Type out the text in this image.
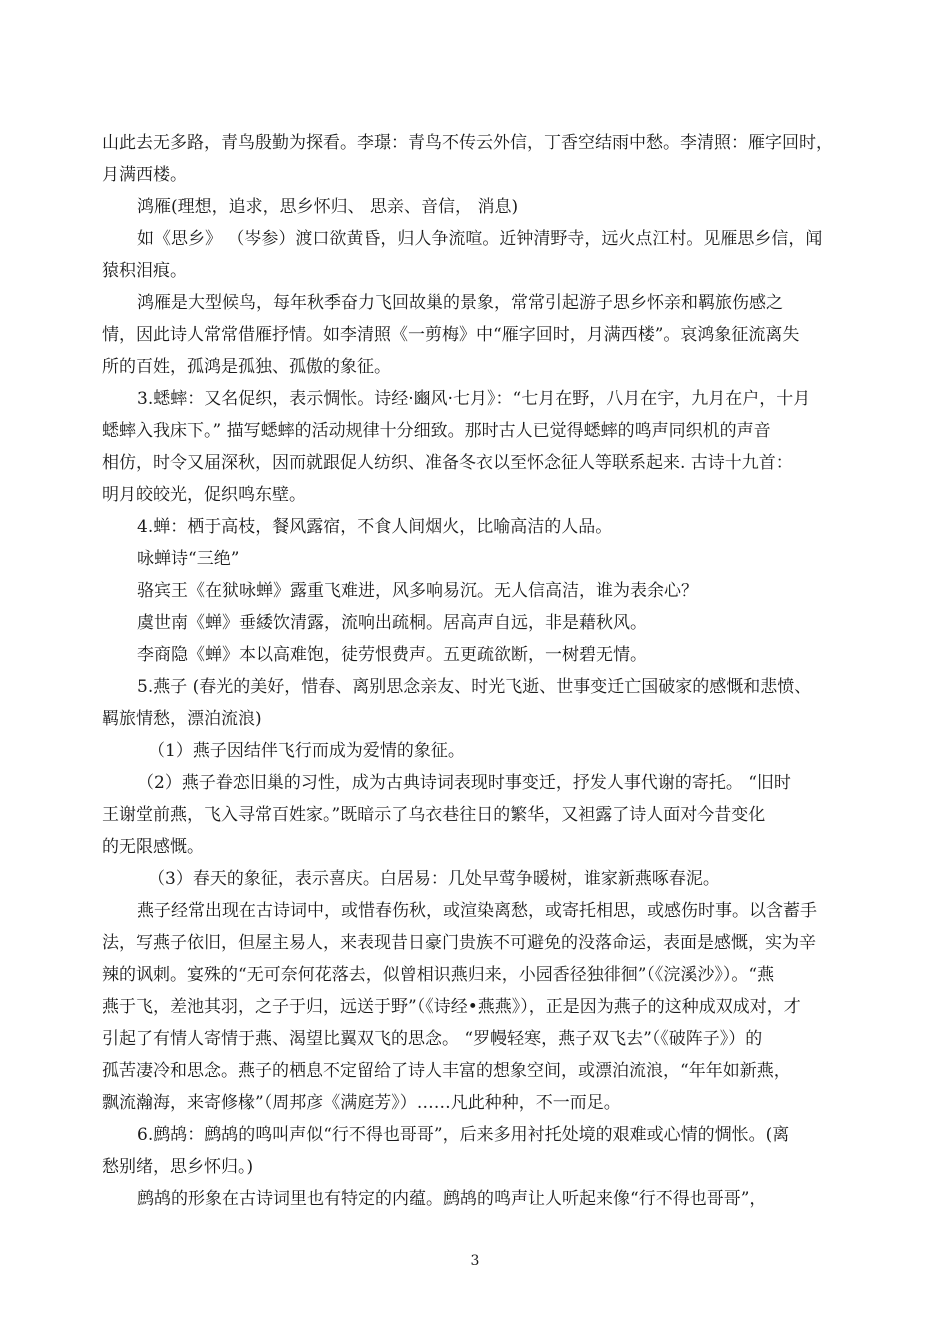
山此去无多路，青鸟殷勤为探看。李璟：青鸟不传云外信，丁香空结雨中愁。李清照：雁字回时，
月满西楼。
鸿雁(理想，追求，思乡怀归、 思亲、音信， 消息)
如《思乡》 （岑参）渡口欲黄昏，归人争流喧。近钟清野寺，远火点江村。见雁思乡信，闻
猿积泪痕。
鸿雁是大型候鸟，每年秋季奋力飞回故巢的景象，常常引起游子思乡怀亲和羁旅伤感之
情，因此诗人常常借雁抒情。如李清照《一剪梅》中“雁字回时，月满西楼”。哀鸿象征流离失
所的百姓，孤鸿是孤独、孤傲的象征。
3.蟋蟀：又名促织，表示惆怅。诗经·豳风·七月》：“七月在野，八月在宇，九月在户，十月
蟋蟀入我床下。” 描写蟋蟀的活动规律十分细致。那时古人已觉得蟋蟀的鸣声同织机的声音
相仿，时令又届深秋，因而就跟促人纺织、准备冬衣以至怀念征人等联系起来. 古诗十九首：
明月皎皎光，促织鸣东壁。
4.蝉：栖于高枝，餐风露宿，不食人间烟火，比喻高洁的人品。
咏蝉诗“三绝”
骆宾王《在狱咏蝉》露重飞难进，风多响易沉。无人信高洁，谁为表余心？
虞世南《蝉》垂緌饮清露，流响出疏桐。居高声自远，非是藉秋风。
李商隐《蝉》本以高难饱，徒劳恨费声。五更疏欲断，一树碧无情。
5.燕子 (春光的美好，惜春、离别思念亲友、时光飞逝、世事变迁亡国破家的感慨和悲愤、
羁旅情愁，漂泊流浪)
（1）燕子因结伴飞行而成为爱情的象征。
（2）燕子眷恋旧巢的习性，成为古典诗词表现时事变迁，抒发人事代谢的寄托。 “旧时
王谢堂前燕，飞入寻常百姓家。”既暗示了乌衣巷往日的繁华，又袒露了诗人面对今昔变化
的无限感慨。
（3）春天的象征，表示喜庆。白居易：几处早莺争暖树，谁家新燕啄春泥。
燕子经常出现在古诗词中，或惜春伤秋，或渲染离愁，或寄托相思，或感伤时事。以含蓄手
法，写燕子依旧，但屋主易人，来表现昔日豪门贵族不可避免的没落命运，表面是感慨，实为辛
辣的讽刺。宴殊的“无可奈何花落去，似曾相识燕归来，小园香径独徘徊”（《浣溪沙》）。“燕
燕于飞，差池其羽，之子于归，远送于野”（《诗经•燕燕》），正是因为燕子的这种成双成对，才
引起了有情人寄情于燕、渴望比翼双飞的思念。 “罗幔轻寒，燕子双飞去”（《破阵子》）的
孤苦凄冷和思念。燕子的栖息不定留给了诗人丰富的想象空间，或漂泊流浪，“年年如新燕，
飘流瀚海，来寄修椽”（周邦彦《满庭芳》）……凡此种种，不一而足。
6.鹧鸪：鹧鸪的鸣叫声似“行不得也哥哥”，后来多用衬托处境的艰难或心情的惆怅。(离
愁别绪，思乡怀归。)
鹧鸪的形象在古诗词里也有特定的内蕴。鹧鸪的鸣声让人听起来像“行不得也哥哥”，
3
